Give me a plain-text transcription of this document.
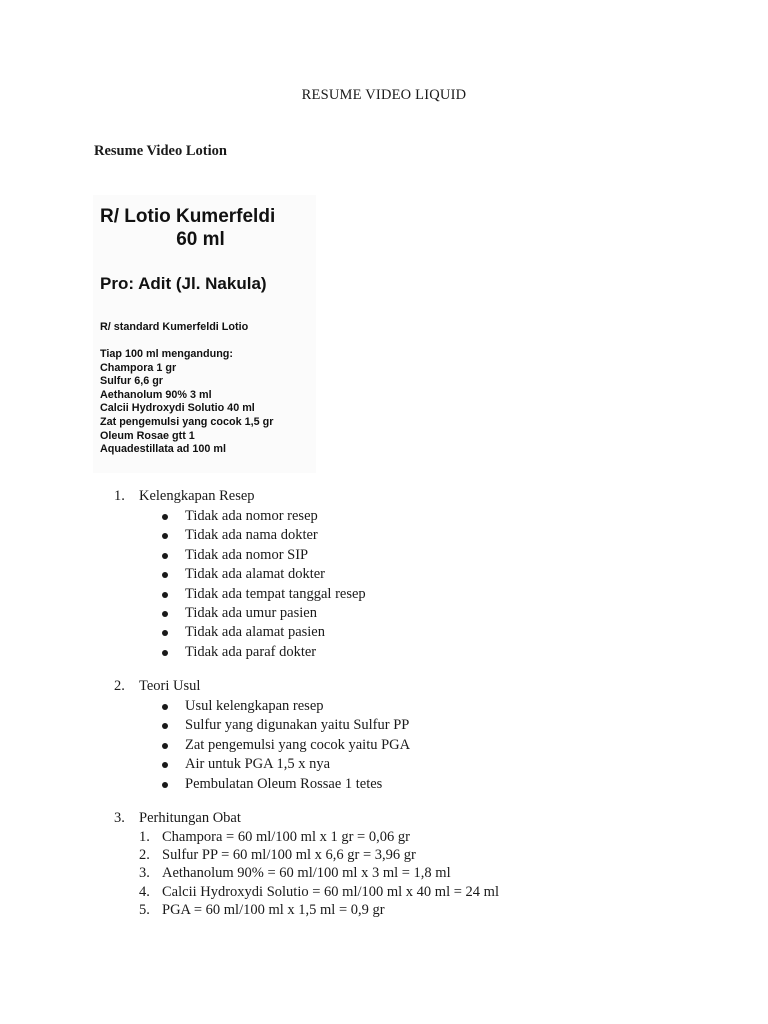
RESUME VIDEO LIQUID
Resume Video Lotion
R/ Lotio Kumerfeldi
60 ml
Pro: Adit (Jl. Nakula)
R/ standard Kumerfeldi Lotio
Tiap 100 ml mengandung:
Champora 1 gr
Sulfur 6,6 gr
Aethanolum 90% 3 ml
Calcii Hydroxydi Solutio 40 ml
Zat pengemulsi yang cocok 1,5 gr
Oleum Rosae gtt 1
Aquadestillata ad 100 ml
1. Kelengkapan Resep
Tidak ada nomor resep
Tidak ada nama dokter
Tidak ada nomor SIP
Tidak ada alamat dokter
Tidak ada tempat tanggal resep
Tidak ada umur pasien
Tidak ada alamat pasien
Tidak ada paraf dokter
2. Teori Usul
Usul kelengkapan resep
Sulfur yang digunakan yaitu Sulfur PP
Zat pengemulsi yang cocok yaitu PGA
Air untuk PGA 1,5 x nya
Pembulatan Oleum Rossae 1 tetes
3. Perhitungan Obat
1. Champora = 60 ml/100 ml x 1 gr = 0,06 gr
2. Sulfur PP = 60 ml/100 ml x 6,6 gr = 3,96 gr
3. Aethanolum 90% = 60 ml/100 ml x 3 ml = 1,8 ml
4. Calcii Hydroxydi Solutio = 60 ml/100 ml x 40 ml = 24 ml
5. PGA = 60 ml/100 ml x 1,5 ml = 0,9 gr
